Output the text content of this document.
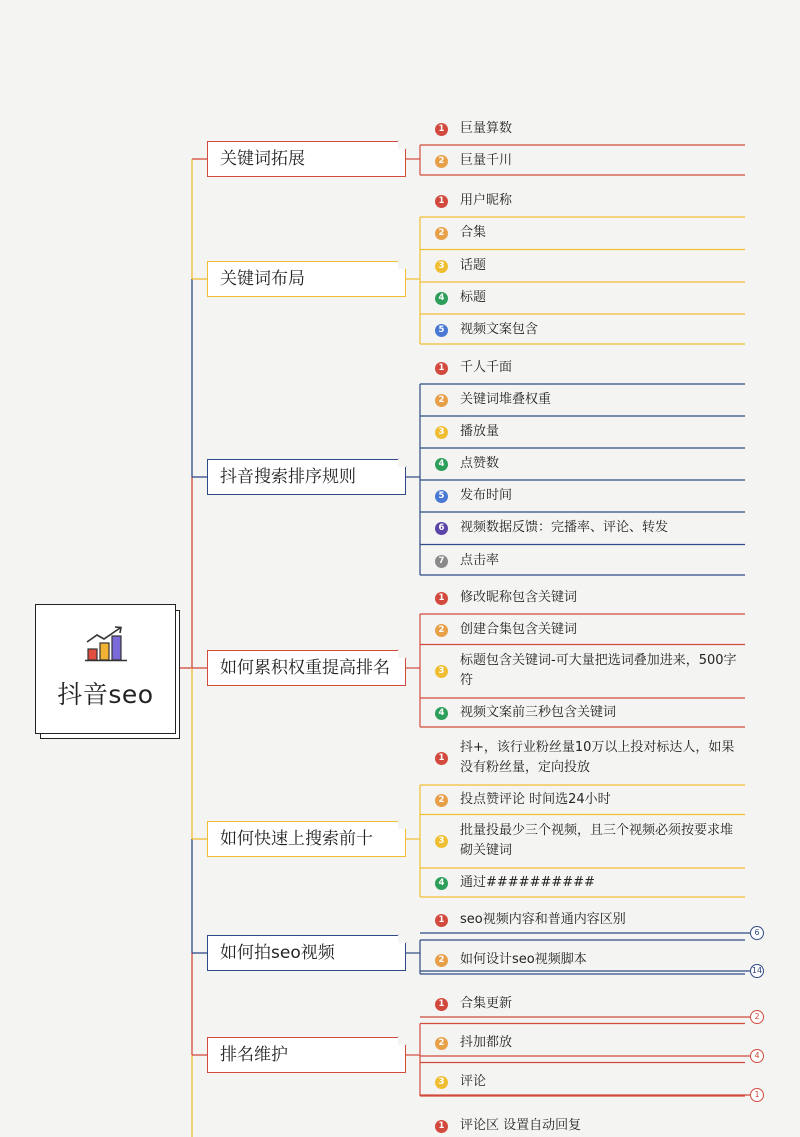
抖音seo
关键词拓展
1 巨量算数
2 巨量千川
关键词布局
1 用户昵称
2 合集
3 话题
4 标题
5 视频文案包含
抖音搜索排序规则
1 千人千面
2 关键词堆叠权重
3 播放量
4 点赞数
5 发布时间
6 视频数据反馈：完播率、评论、转发
7 点击率
如何累积权重提高排名
1 修改昵称包含关键词
2 创建合集包含关键词
3
标题包含关键词-可大量把选词叠加进来，500字符
4 视频文案前三秒包含关键词
如何快速上搜索前十
1
抖+，该行业粉丝量10万以上投对标达人，如果没有粉丝量，定向投放
2 投点赞评论 时间选24小时
3
批量投最少三个视频，且三个视频必须按要求堆砌关键词
4 通过##########
如何拍seo视频
1 seo视频内容和普通内容区别
2 如何设计seo视频脚本
6
14
排名维护
1 合集更新
2 抖加都放
3 评论
2
4
1
1 评论区 设置自动回复
